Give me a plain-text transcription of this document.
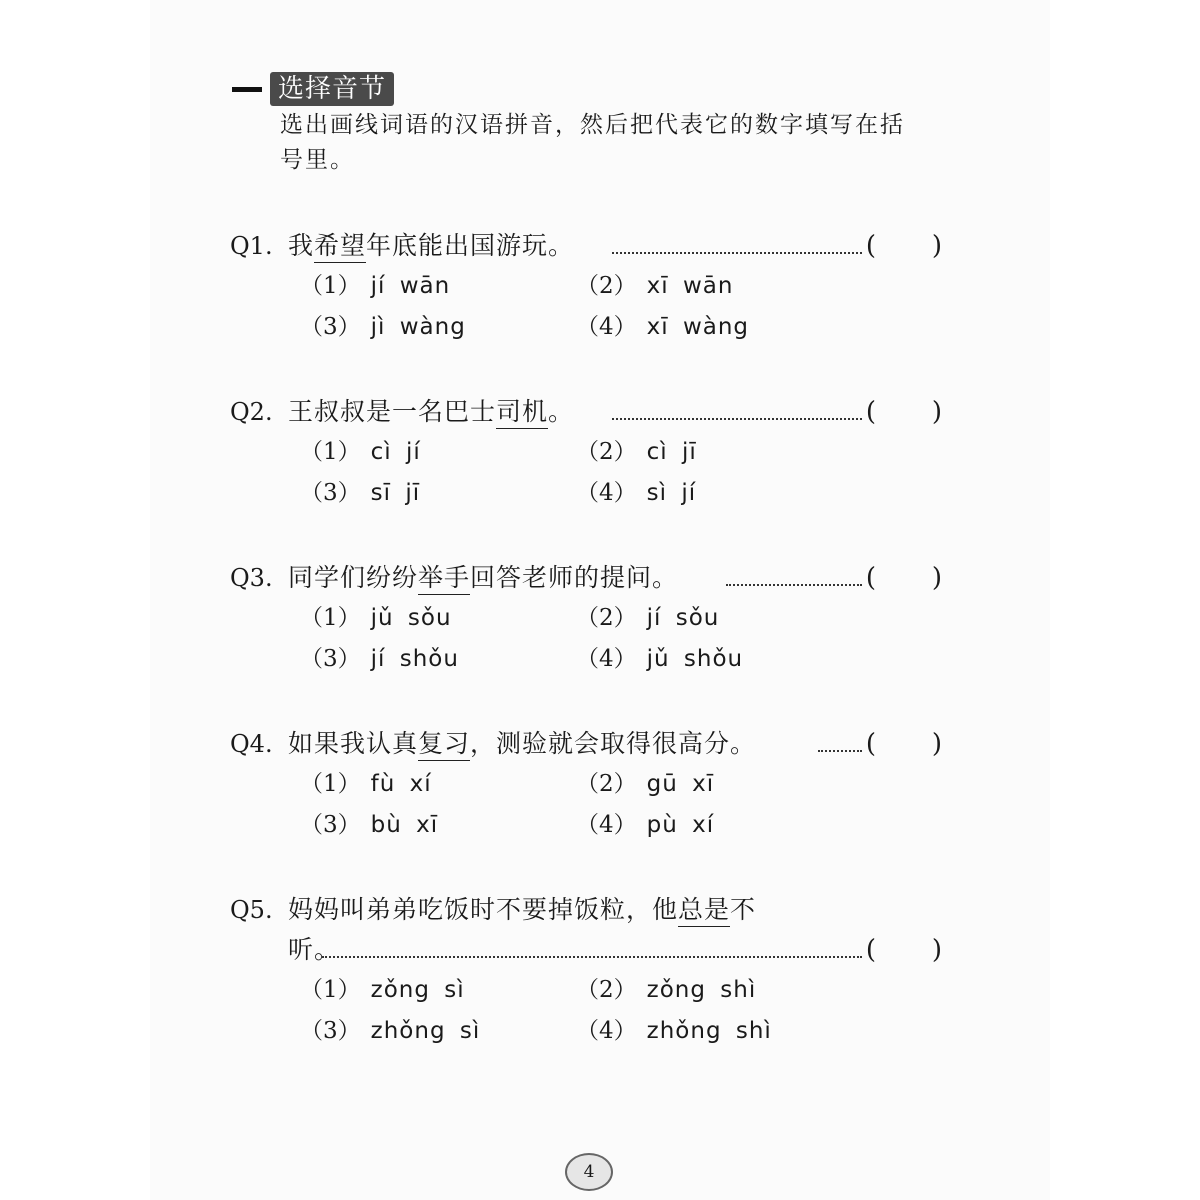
选择音节
选出画线词语的汉语拼音，然后把代表它的数字填写在括
号里。
Q1. 我希望年底能出国游玩。	( )
（1） jí wān	（2） xī wān
（3） jì wàng	（4） xī wàng
Q2. 王叔叔是一名巴士司机。	( )
（1） cì jí	（2） cì jī
（3） sī jī	（4） sì jí
Q3. 同学们纷纷举手回答老师的提问。	( )
（1） jǔ sǒu	（2） jí sǒu
（3） jí shǒu	（4） jǔ shǒu
Q4. 如果我认真复习，测验就会取得很高分。	( )
（1） fù xí	（2） gū xī
（3） bù xī	（4） pù xí
Q5. 妈妈叫弟弟吃饭时不要掉饭粒，他总是不
听。	( )
（1） zǒng sì	（2） zǒng shì
（3） zhǒng sì	（4） zhǒng shì
4
